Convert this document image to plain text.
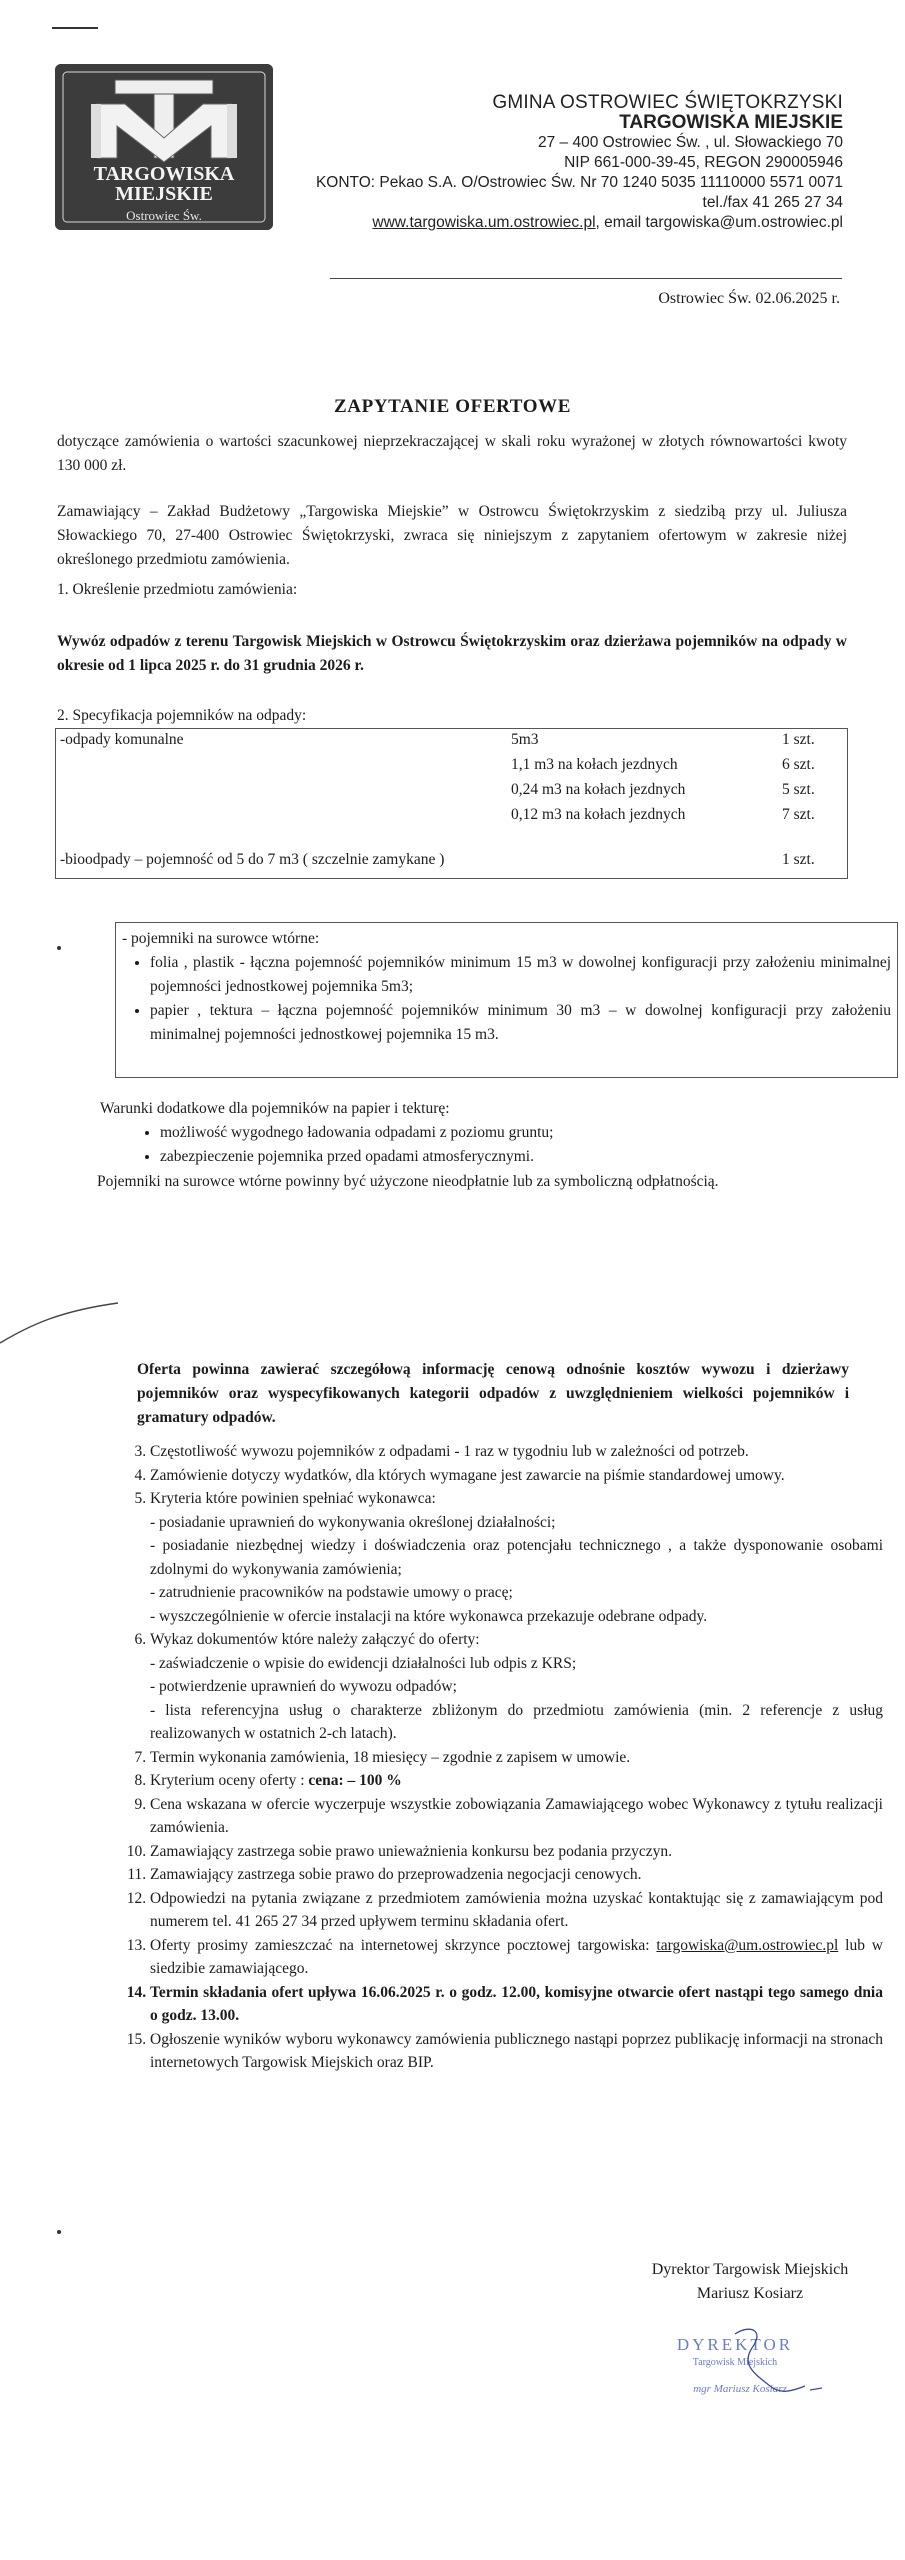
TARGOWISKA
MIEJSKIE
Ostrowiec Św.
GMINA OSTROWIEC ŚWIĘTOKRZYSKI
TARGOWISKA MIEJSKIE
27 – 400 Ostrowiec Św. , ul. Słowackiego 70
NIP 661-000-39-45, REGON 290005946
KONTO: Pekao S.A. O/Ostrowiec Św. Nr 70 1240 5035 11110000 5571 0071
tel./fax 41 265 27 34
www.targowiska.um.ostrowiec.pl, email targowiska@um.ostrowiec.pl
Ostrowiec Św. 02.06.2025 r.
ZAPYTANIE OFERTOWE
dotyczące zamówienia o wartości szacunkowej nieprzekraczającej w skali roku wyrażonej w złotych równowartości kwoty 130 000 zł.
Zamawiający – Zakład Budżetowy „Targowiska Miejskie” w Ostrowcu Świętokrzyskim z siedzibą przy ul. Juliusza Słowackiego 70, 27-400 Ostrowiec Świętokrzyski, zwraca się niniejszym z zapytaniem ofertowym w zakresie niżej określonego przedmiotu zamówienia.
1. Określenie przedmiotu zamówienia:
Wywóz odpadów z terenu Targowisk Miejskich w Ostrowcu Świętokrzyskim oraz dzierżawa pojemników na odpady w okresie od 1 lipca 2025 r. do 31 grudnia 2026 r.
2. Specyfikacja pojemników na odpady:
-odpady komunalne	5m3	1 szt.
1,1 m3 na kołach jezdnych	6 szt.
0,24 m3 na kołach jezdnych	5 szt.
0,12 m3 na kołach jezdnych	7 szt.
-bioodpady – pojemność od 5 do 7 m3 ( szczelnie zamykane )	1 szt.
- pojemniki na surowce wtórne:
• folia , plastik - łączna pojemność pojemników minimum 15 m3 w dowolnej konfiguracji przy założeniu minimalnej pojemności jednostkowej pojemnika 5m3;
• papier , tektura – łączna pojemność pojemników minimum 30 m3 – w dowolnej konfiguracji przy założeniu minimalnej pojemności jednostkowej pojemnika 15 m3.
Warunki dodatkowe dla pojemników na papier i tekturę:
• możliwość wygodnego ładowania odpadami z poziomu gruntu;
• zabezpieczenie pojemnika przed opadami atmosferycznymi.
Pojemniki na surowce wtórne powinny być użyczone nieodpłatnie lub za symboliczną odpłatnością.
Oferta powinna zawierać szczegółową informację cenową odnośnie kosztów wywozu i dzierżawy pojemników oraz wyspecyfikowanych kategorii odpadów z uwzględnieniem wielkości pojemników i gramatury odpadów.
3. Częstotliwość wywozu pojemników z odpadami - 1 raz w tygodniu lub w zależności od potrzeb.
4. Zamówienie dotyczy wydatków, dla których wymagane jest zawarcie na piśmie standardowej umowy.
5. Kryteria które powinien spełniać wykonawca:
- posiadanie uprawnień do wykonywania określonej działalności;
- posiadanie niezbędnej wiedzy i doświadczenia oraz potencjału technicznego , a także dysponowanie osobami zdolnymi do wykonywania zamówienia;
- zatrudnienie pracowników na podstawie umowy o pracę;
- wyszczególnienie w ofercie instalacji na które wykonawca przekazuje odebrane odpady.
6. Wykaz dokumentów które należy załączyć do oferty:
- zaświadczenie o wpisie do ewidencji działalności lub odpis z KRS;
- potwierdzenie uprawnień do wywozu odpadów;
- lista referencyjna usług o charakterze zbliżonym do przedmiotu zamówienia (min. 2 referencje z usług realizowanych w ostatnich 2-ch latach).
7. Termin wykonania zamówienia, 18 miesięcy – zgodnie z zapisem w umowie.
8. Kryterium oceny oferty : cena: – 100 %
9. Cena wskazana w ofercie wyczerpuje wszystkie zobowiązania Zamawiającego wobec Wykonawcy z tytułu realizacji zamówienia.
10. Zamawiający zastrzega sobie prawo unieważnienia konkursu bez podania przyczyn.
11. Zamawiający zastrzega sobie prawo do przeprowadzenia negocjacji cenowych.
12. Odpowiedzi na pytania związane z przedmiotem zamówienia można uzyskać kontaktując się z zamawiającym pod numerem tel. 41 265 27 34 przed upływem terminu składania ofert.
13. Oferty prosimy zamieszczać na internetowej skrzynce pocztowej targowiska: targowiska@um.ostrowiec.pl lub w siedzibie zamawiającego.
14. Termin składania ofert upływa 16.06.2025 r. o godz. 12.00, komisyjne otwarcie ofert nastąpi tego samego dnia o godz. 13.00.
15. Ogłoszenie wyników wyboru wykonawcy zamówienia publicznego nastąpi poprzez publikację informacji na stronach internetowych Targowisk Miejskich oraz BIP.
Dyrektor Targowisk Miejskich
Mariusz Kosiarz
DYREKTOR
Targowisk Miejskich
mgr Mariusz Kosiarz
